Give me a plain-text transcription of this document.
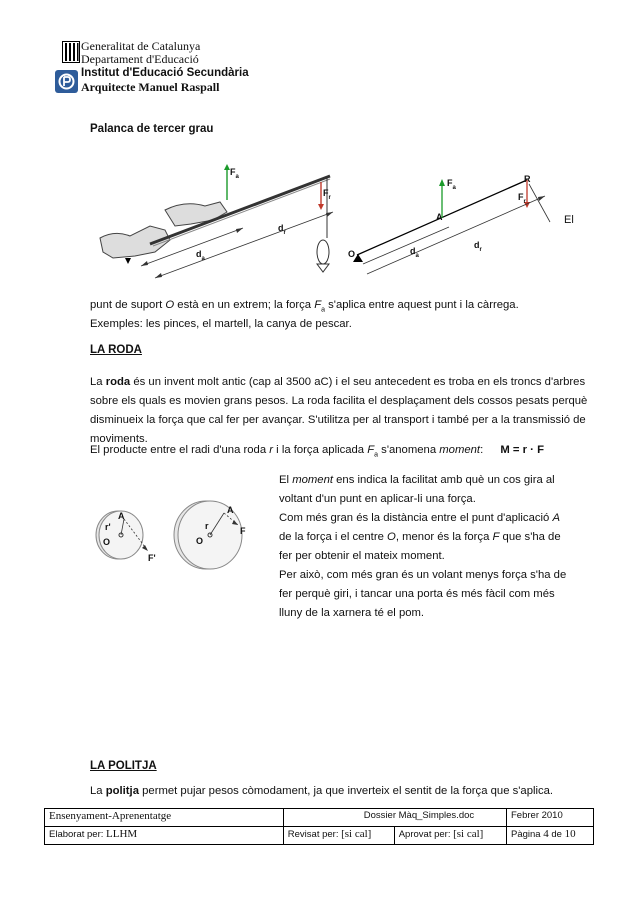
Generalitat de Catalunya
Departament d'Educació
Institut d'Educació Secundària
Arquitecte Manuel Raspall
Palanca de tercer grau
$F_a$
$F_r$
$d_r$
$d_a$
$F_a$
R
$F_r$
A
O	$d_a$
$d_r$
El
punt de suport O està en un extrem; la força $F_a$ s'aplica entre aquest punt i la càrrega.
Exemples: les pinces, el martell, la canya de pescar.
LA RODA
La roda és un invent molt antic (cap al 3500 aC) i el seu antecedent es troba en els troncs d'arbres
sobre els quals es movien grans pesos. La roda facilita el desplaçament dels cossos pesats perquè
disminueix la força que cal fer per avançar. S'utilitza per al transport i també per a la transmissió de
moviments.
El producte entre el radi d'una roda r i la força aplicada $F_a$ s'anomena moment: M = r · F
A
r'
O
F'
A
r
O
F
El moment ens indica la facilitat amb què un cos gira al
voltant d'un punt en aplicar-li una força.
Com més gran és la distància entre el punt d'aplicació A
de la força i el centre O, menor és la força F que s'ha de
fer per obtenir el mateix moment.
Per això, com més gran és un volant menys força s'ha de
fer perquè giri, i tancar una porta és més fàcil com més
lluny de la xarnera té el pom.
LA POLITJA
La politja permet pujar pesos còmodament, ja que inverteix el sentit de la força que s'aplica.
Ensenyament-Aprenentatge	Dossier Màq_Simples.doc		Febrer 2010
Elaborat per: LLHM	Revisat per: [si cal]	Aprovat per: [si cal]	Pàgina 4 de 10
